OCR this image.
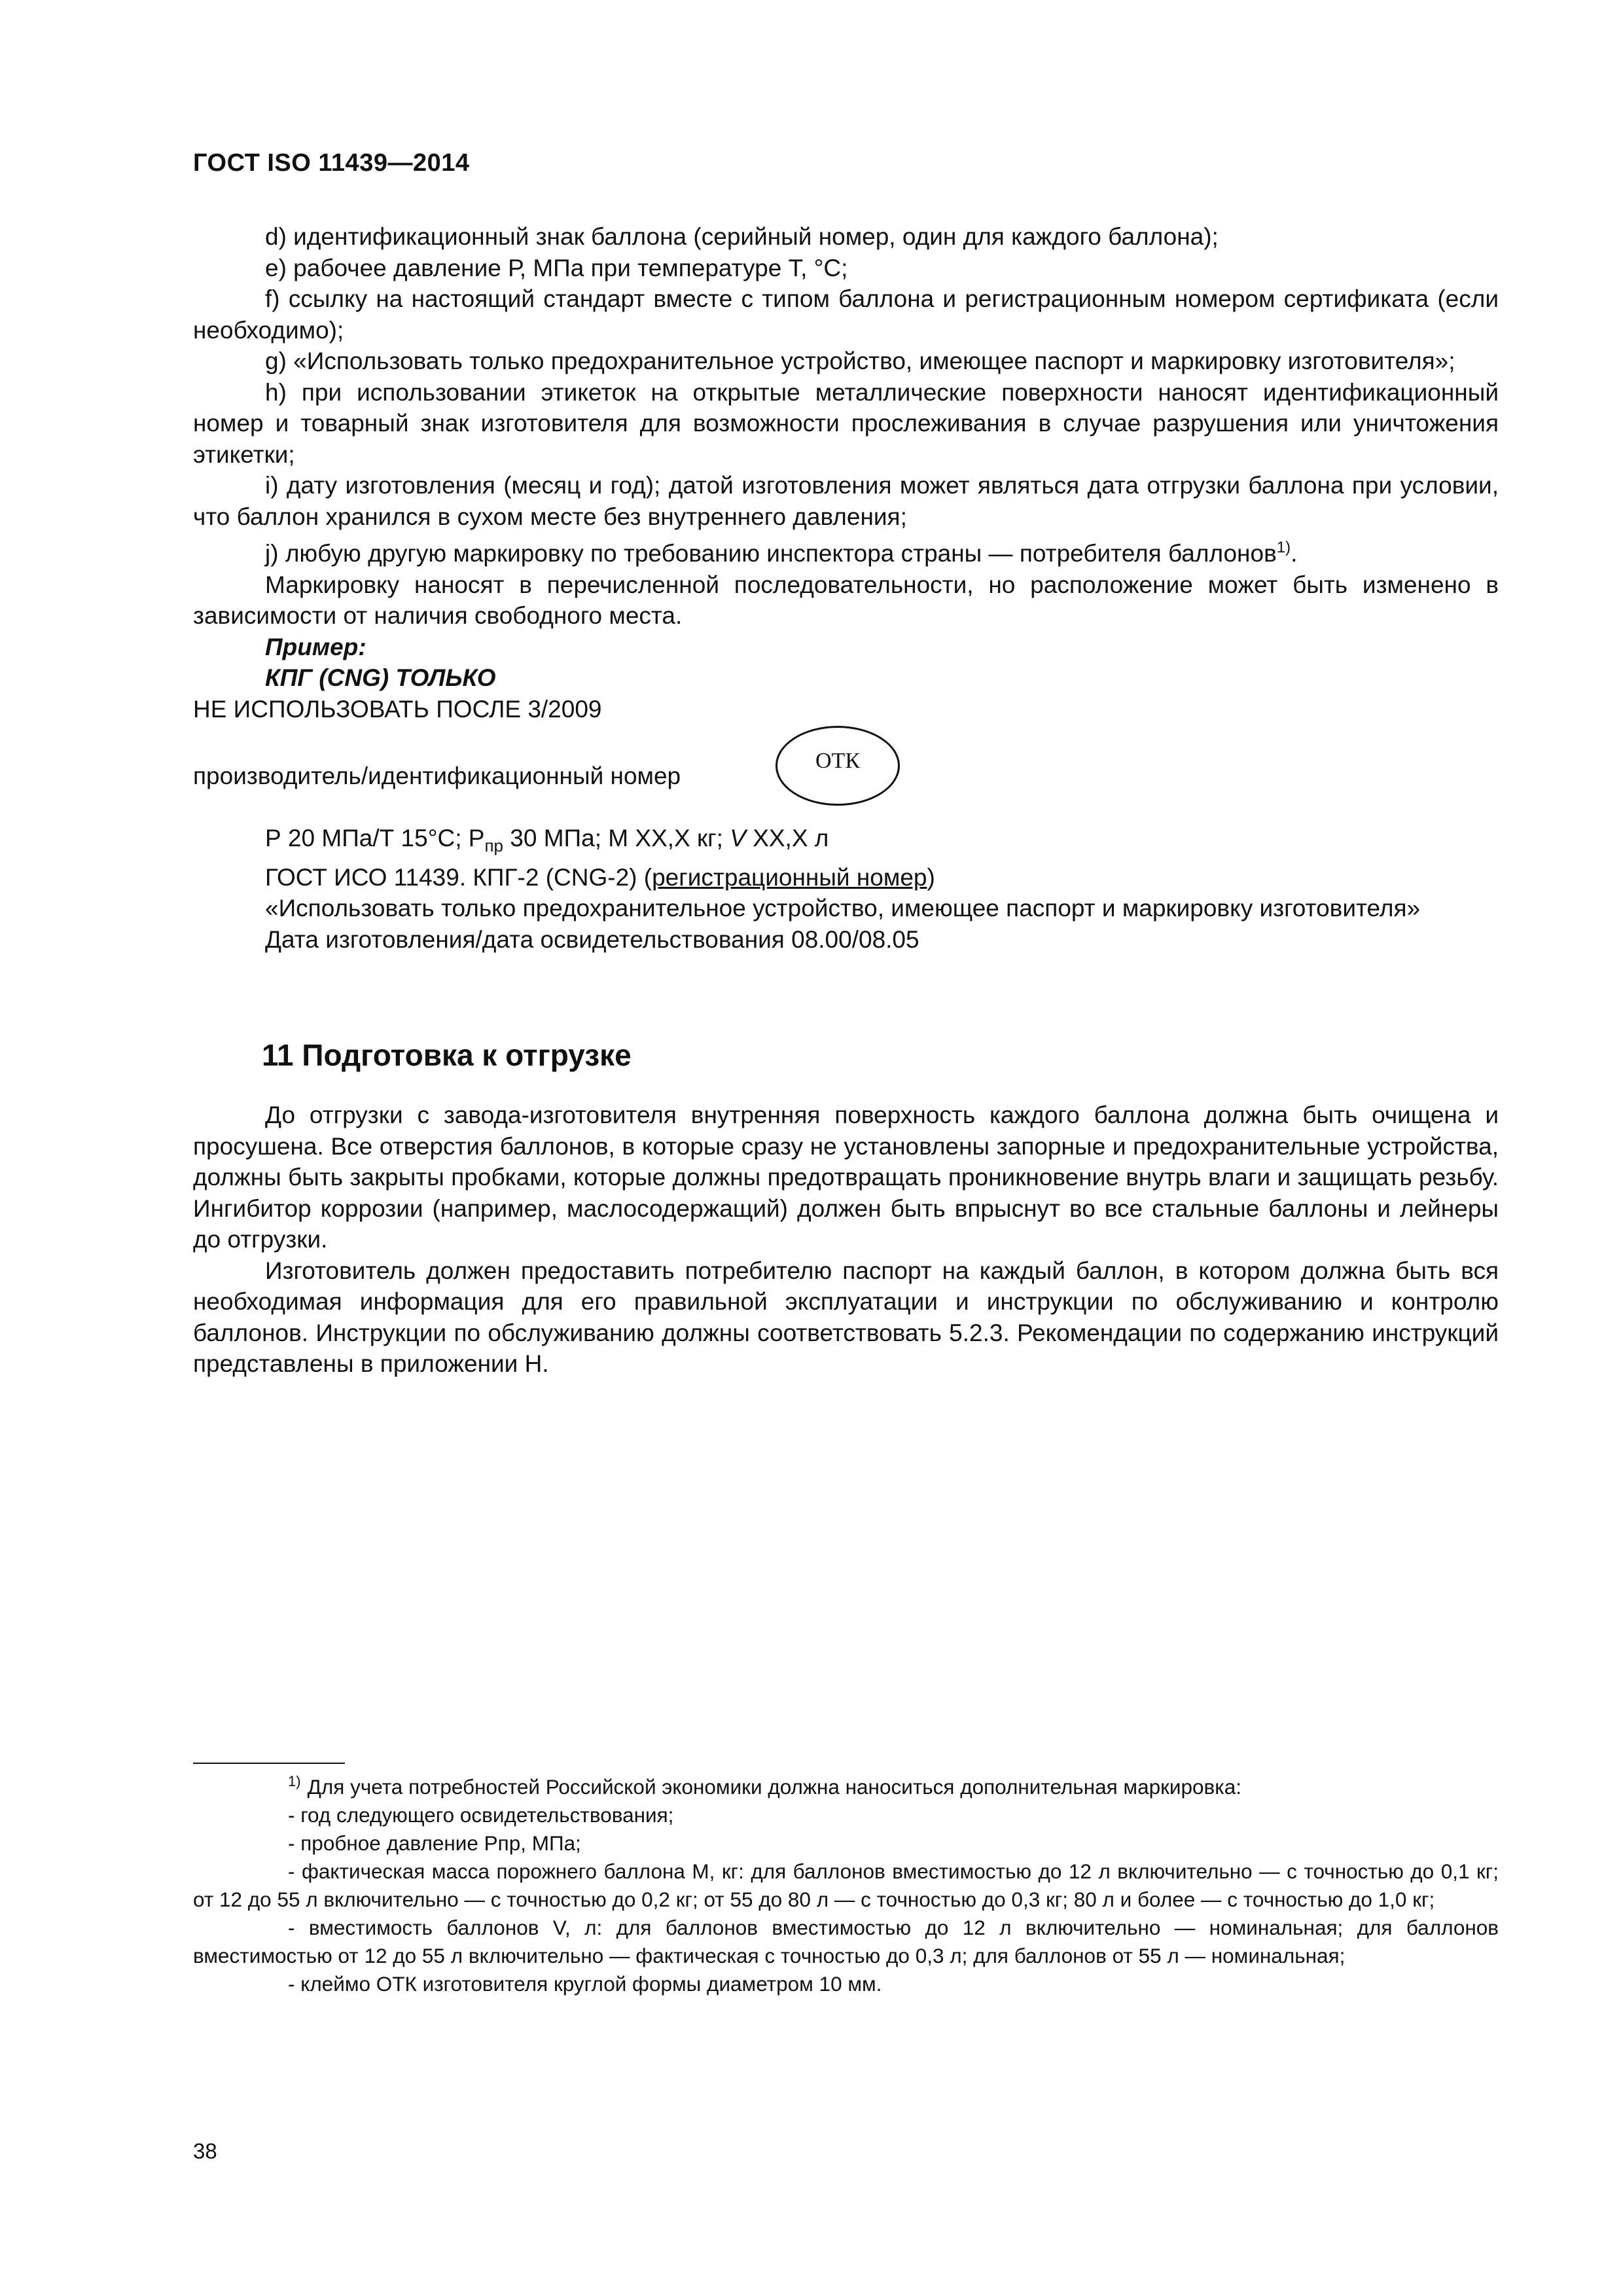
ГОСТ ISO 11439—2014

d) идентификационный знак баллона (серийный номер, один для каждого баллона);

e) рабочее давление Р, МПа при температуре Т, °С;

f) ссылку на настоящий стандарт вместе с типом баллона и регистрационным номером сертификата (если необходимо);

g) «Использовать только предохранительное устройство, имеющее паспорт и маркировку изготовителя»;

h) при использовании этикеток на открытые металлические поверхности наносят идентификационный номер и товарный знак изготовителя для возможности прослеживания в случае разрушения или уничтожения этикетки;

i) дату изготовления (месяц и год); датой изготовления может являться дата отгрузки баллона при условии, что баллон хранился в сухом месте без внутреннего давления;

j) любую другую маркировку по требованию инспектора страны — потребителя баллонов$^{1)}$.

Маркировку наносят в перечисленной последовательности, но расположение может быть изменено в зависимости от наличия свободного места.

Пример:

КПГ (CNG) ТОЛЬКО

НЕ ИСПОЛЬЗОВАТЬ ПОСЛЕ 3/2009

производитель/идентификационный номер
ОТК

Р 20 МПа/Т 15°С; $Р_{пр}$ 30 МПа; М XX,X кг; V XX,X л

ГОСТ ИСО 11439. КПГ-2 (CNG-2) (регистрационный номер)

«Использовать только предохранительное устройство, имеющее паспорт и маркировку изготовителя»

Дата изготовления/дата освидетельствования 08.00/08.05

11 Подготовка к отгрузке

До отгрузки с завода-изготовителя внутренняя поверхность каждого баллона должна быть очищена и просушена. Все отверстия баллонов, в которые сразу не установлены запорные и предохранительные устройства, должны быть закрыты пробками, которые должны предотвращать проникновение внутрь влаги и защищать резьбу. Ингибитор коррозии (например, маслосодержащий) должен быть впрыснут во все стальные баллоны и лейнеры до отгрузки.

Изготовитель должен предоставить потребителю паспорт на каждый баллон, в котором должна быть вся необходимая информация для его правильной эксплуатации и инструкции по обслуживанию и контролю баллонов. Инструкции по обслуживанию должны соответствовать 5.2.3. Рекомендации по содержанию инструкций представлены в приложении Н.

$^{1)}$ Для учета потребностей Российской экономики должна наноситься дополнительная маркировка:

- год следующего освидетельствования;

- пробное давление Рпр, МПа;

- фактическая масса порожнего баллона М, кг: для баллонов вместимостью до 12 л включительно — с точностью до 0,1 кг; от 12 до 55 л включительно — с точностью до 0,2 кг; от 55 до 80 л — с точностью до 0,3 кг; 80 л и более — с точностью до 1,0 кг;

- вместимость баллонов V, л: для баллонов вместимостью до 12 л включительно — номинальная; для баллонов вместимостью от 12 до 55 л включительно — фактическая с точностью до 0,3 л; для баллонов от 55 л — номинальная;

- клеймо ОТК изготовителя круглой формы диаметром 10 мм.

38
